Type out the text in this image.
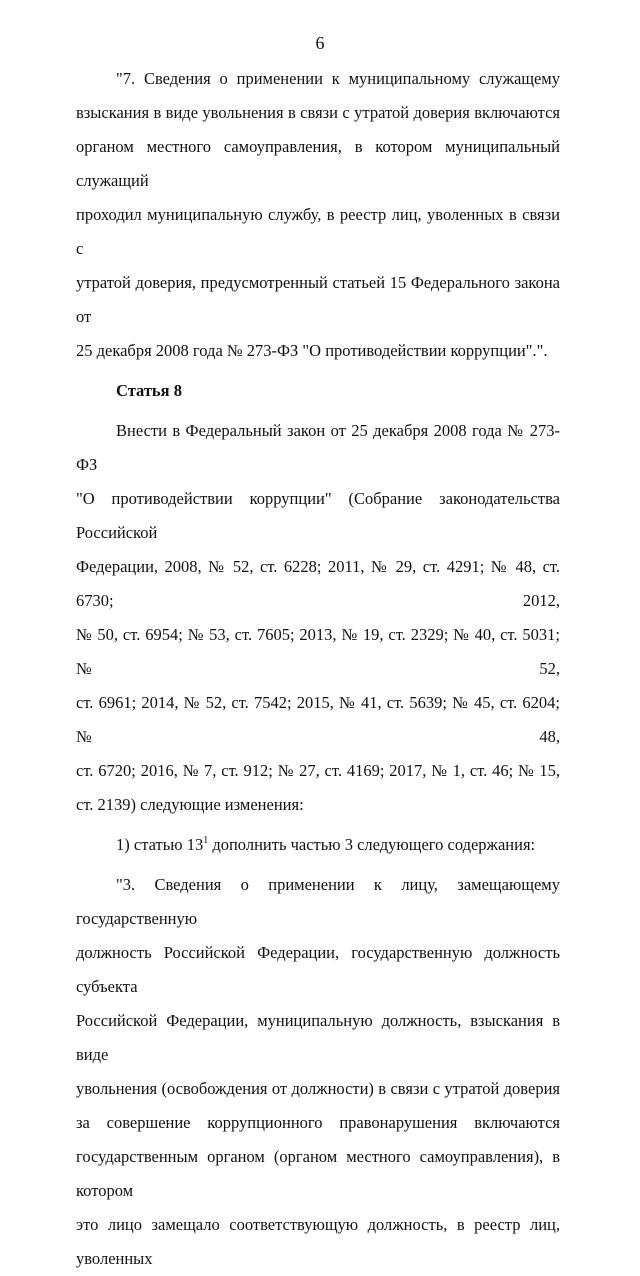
6

"7. Сведения о применении к муниципальному служащему

взыскания в виде увольнения в связи с утратой доверия включаются

органом местного самоуправления, в котором муниципальный служащий

проходил муниципальную службу, в реестр лиц, уволенных в связи с

утратой доверия, предусмотренный статьей 15 Федерального закона от

25 декабря 2008 года № 273-ФЗ "О противодействии коррупции".".

Статья 8

Внести в Федеральный закон от 25 декабря 2008 года № 273-ФЗ

"О противодействии коррупции" (Собрание законодательства Российской

Федерации, 2008, № 52, ст. 6228; 2011, № 29, ст. 4291; № 48, ст. 6730; 2012,

№ 50, ст. 6954; № 53, ст. 7605; 2013, № 19, ст. 2329; № 40, ст. 5031; № 52,

ст. 6961; 2014, № 52, ст. 7542; 2015, № 41, ст. 5639; № 45, ст. 6204; № 48,

ст. 6720; 2016, № 7, ст. 912; № 27, ст. 4169; 2017, № 1, ст. 46; № 15,

ст. 2139) следующие изменения:

1) статью $13^1$ дополнить частью 3 следующего содержания:

"3. Сведения о применении к лицу, замещающему государственную

должность Российской Федерации, государственную должность субъекта

Российской Федерации, муниципальную должность, взыскания в виде

увольнения (освобождения от должности) в связи с утратой доверия

за совершение коррупционного правонарушения включаются

государственным органом (органом местного самоуправления), в котором

это лицо замещало соответствующую должность, в реестр лиц, уволенных
